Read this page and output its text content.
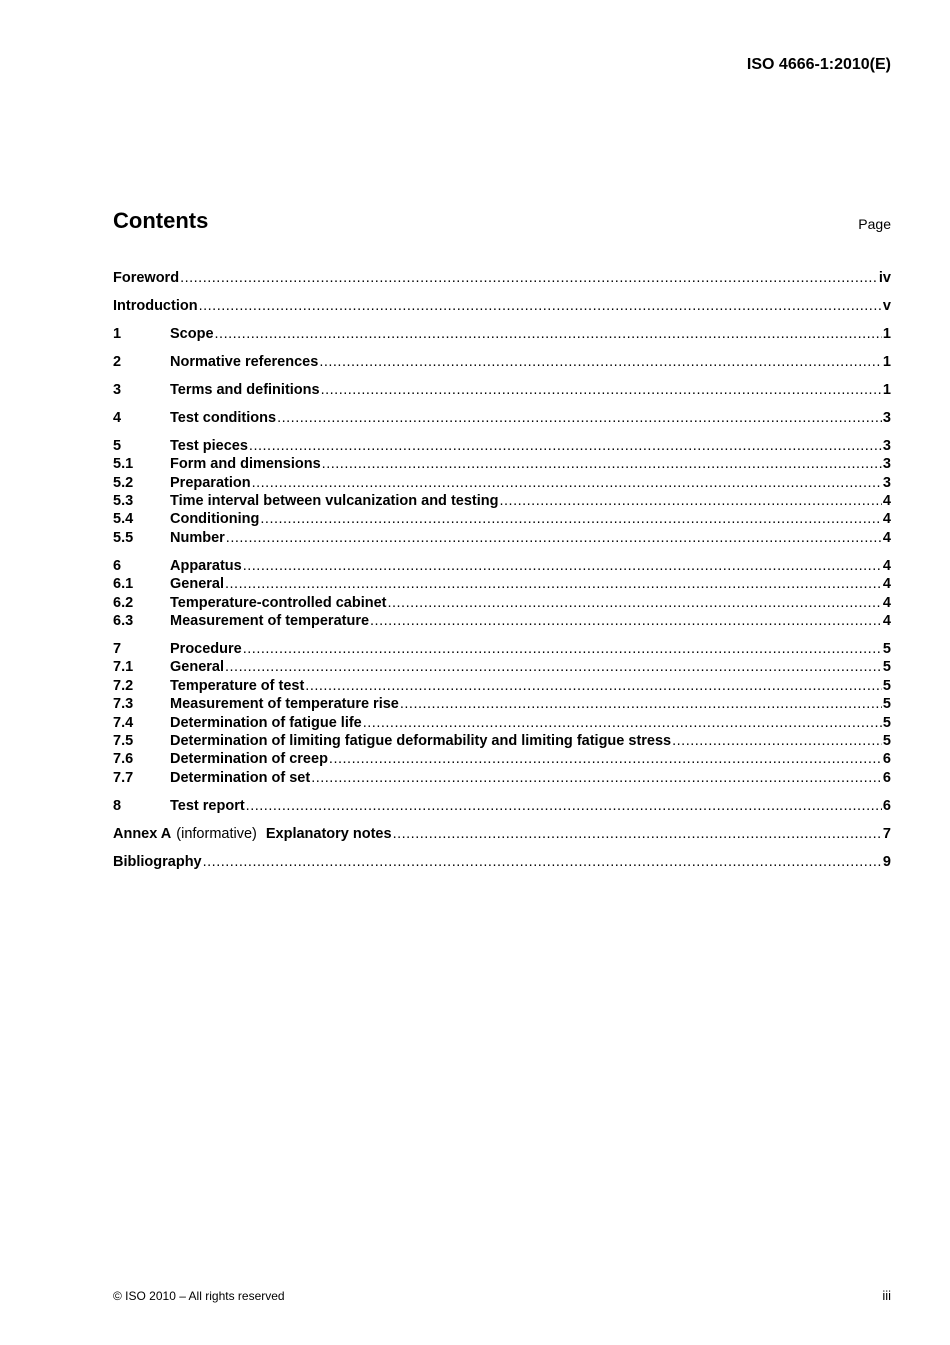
ISO 4666-1:2010(E)
Contents	Page
Foreword .....	iv
Introduction .....	v
1	Scope .....	1
2	Normative references .....	1
3	Terms and definitions .....	1
4	Test conditions .....	3
5	Test pieces .....	3
5.1	Form and dimensions .....	3
5.2	Preparation .....	3
5.3	Time interval between vulcanization and testing .....	4
5.4	Conditioning .....	4
5.5	Number .....	4
6	Apparatus .....	4
6.1	General .....	4
6.2	Temperature-controlled cabinet .....	4
6.3	Measurement of temperature .....	4
7	Procedure .....	5
7.1	General .....	5
7.2	Temperature of test .....	5
7.3	Measurement of temperature rise .....	5
7.4	Determination of fatigue life .....	5
7.5	Determination of limiting fatigue deformability and limiting fatigue stress .....	5
7.6	Determination of creep .....	6
7.7	Determination of set .....	6
8	Test report .....	6
Annex A (informative) Explanatory notes .....	7
Bibliography .....	9
© ISO 2010 – All rights reserved	iii
